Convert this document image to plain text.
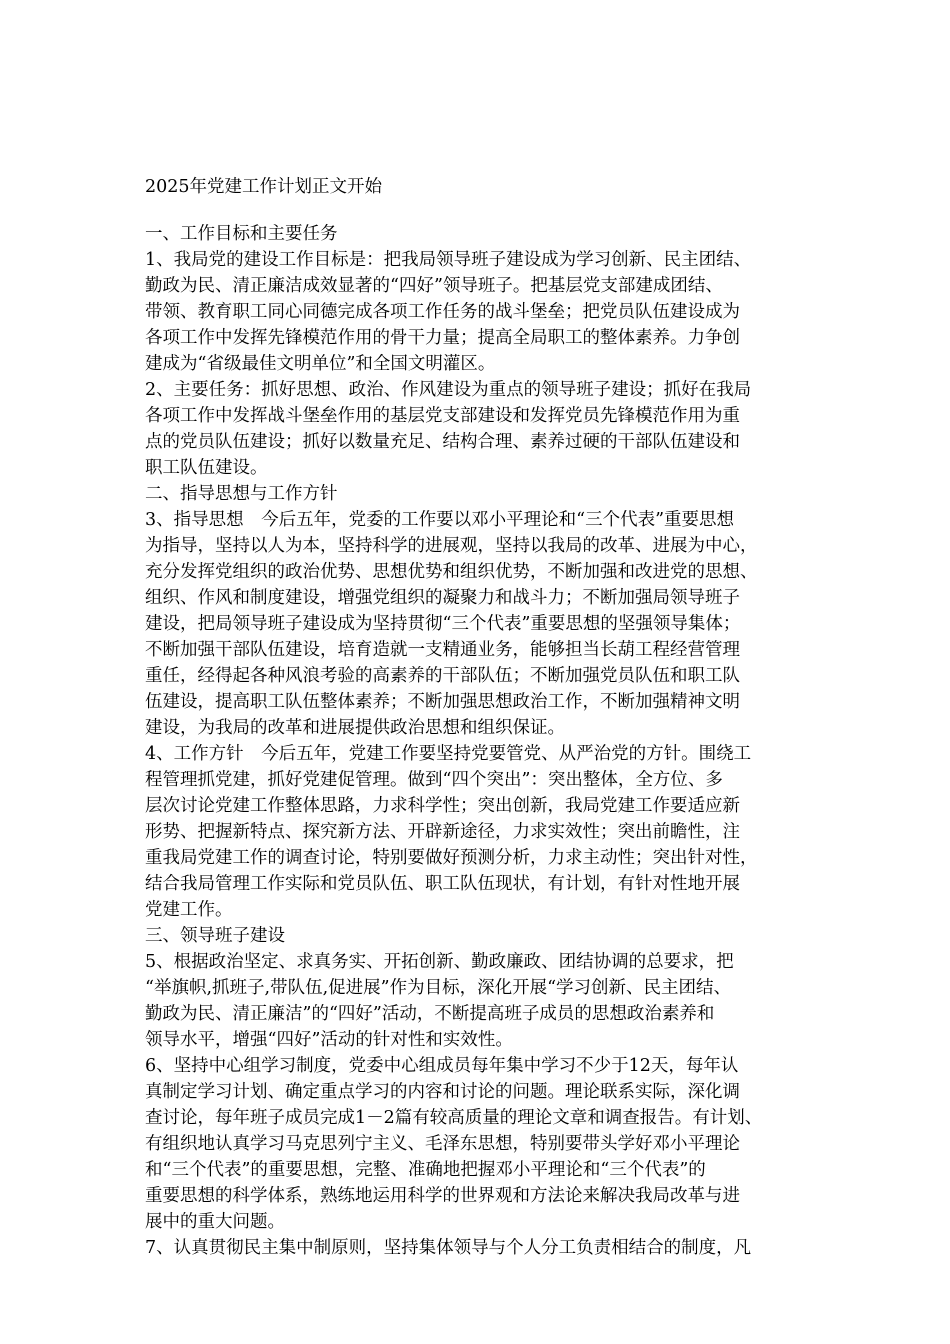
2025年党建工作计划正文开始

一、工作目标和主要任务

1、我局党的建设工作目标是：把我局领导班子建设成为学习创新、民主团结、

勤政为民、清正廉洁成效显著的“四好”领导班子。把基层党支部建成团结、

带领、教育职工同心同德完成各项工作任务的战斗堡垒；把党员队伍建设成为

各项工作中发挥先锋模范作用的骨干力量；提高全局职工的整体素养。力争创

建成为“省级最佳文明单位”和全国文明灌区。

2、主要任务：抓好思想、政治、作风建设为重点的领导班子建设；抓好在我局

各项工作中发挥战斗堡垒作用的基层党支部建设和发挥党员先锋模范作用为重

点的党员队伍建设；抓好以数量充足、结构合理、素养过硬的干部队伍建设和

职工队伍建设。

二、指导思想与工作方针

3、指导思想　今后五年，党委的工作要以邓小平理论和“三个代表”重要思想

为指导，坚持以人为本，坚持科学的进展观，坚持以我局的改革、进展为中心，

充分发挥党组织的政治优势、思想优势和组织优势，不断加强和改进党的思想、

组织、作风和制度建设，增强党组织的凝聚力和战斗力；不断加强局领导班子

建设，把局领导班子建设成为坚持贯彻“三个代表”重要思想的坚强领导集体；

不断加强干部队伍建设，培育造就一支精通业务，能够担当长葫工程经营管理

重任，经得起各种风浪考验的高素养的干部队伍；不断加强党员队伍和职工队

伍建设，提高职工队伍整体素养；不断加强思想政治工作，不断加强精神文明

建设，为我局的改革和进展提供政治思想和组织保证。

4、工作方针　今后五年，党建工作要坚持党要管党、从严治党的方针。围绕工

程管理抓党建，抓好党建促管理。做到“四个突出”：突出整体，全方位、多

层次讨论党建工作整体思路，力求科学性；突出创新，我局党建工作要适应新

形势、把握新特点、探究新方法、开辟新途径，力求实效性；突出前瞻性，注

重我局党建工作的调查讨论，特别要做好预测分析，力求主动性；突出针对性，

结合我局管理工作实际和党员队伍、职工队伍现状，有计划，有针对性地开展

党建工作。

三、领导班子建设

5、根据政治坚定、求真务实、开拓创新、勤政廉政、团结协调的总要求，把

“举旗帜,抓班子,带队伍,促进展”作为目标，深化开展“学习创新、民主团结、

勤政为民、清正廉洁”的“四好”活动，不断提高班子成员的思想政治素养和

领导水平，增强“四好”活动的针对性和实效性。

6、坚持中心组学习制度，党委中心组成员每年集中学习不少于12天，每年认

真制定学习计划、确定重点学习的内容和讨论的问题。理论联系实际，深化调

查讨论，每年班子成员完成1－2篇有较高质量的理论文章和调查报告。有计划、

有组织地认真学习马克思列宁主义、毛泽东思想，特别要带头学好邓小平理论

和“三个代表”的重要思想，完整、准确地把握邓小平理论和“三个代表”的

重要思想的科学体系，熟练地运用科学的世界观和方法论来解决我局改革与进

展中的重大问题。

7、认真贯彻民主集中制原则，坚持集体领导与个人分工负责相结合的制度，凡
